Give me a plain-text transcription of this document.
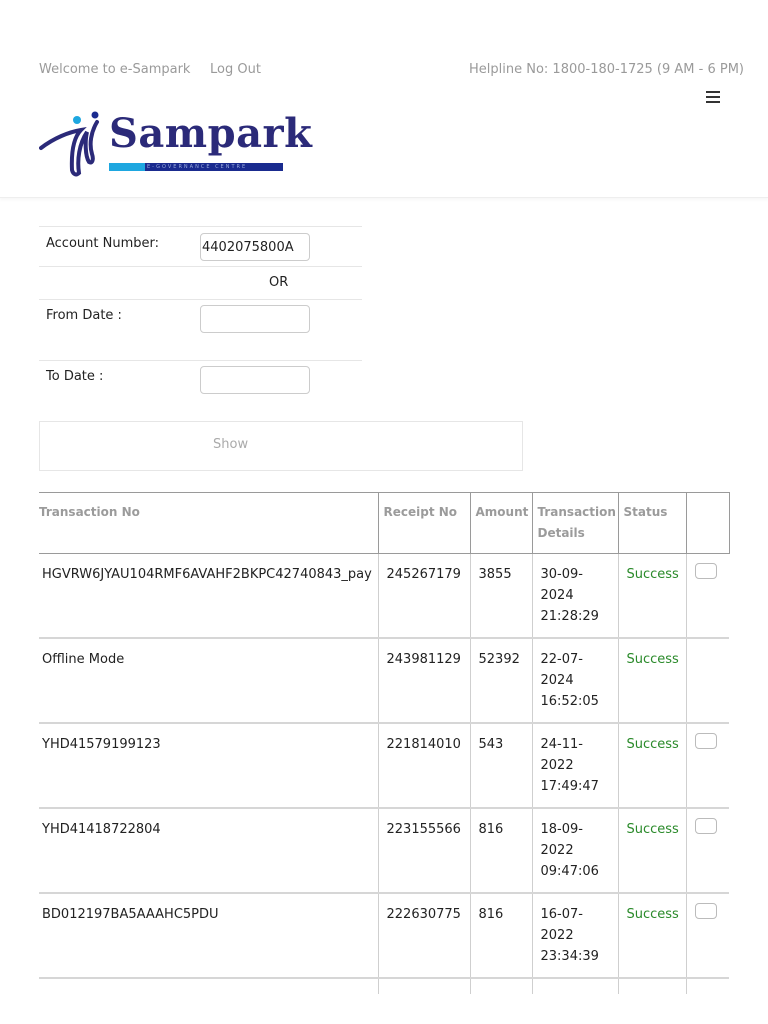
Welcome to e-Sampark Log Out	Helpline No: 1800-180-1725 (9 AM - 6 PM)
Sampark
E-GOVERNANCE CENTRE
Account Number:
4402075800A
OR
From Date :
To Date :
Show
Transaction No	Receipt No	Amount	Transaction Details	Status	
HGVRW6JYAU104RMF6AVAHF2BKPC42740843_pay	245267179	3855	30-09-2024 21:28:29	Success	
Offline Mode	243981129	52392	22-07-2024 16:52:05	Success	
YHD41579199123	221814010	543	24-11-2022 17:49:47	Success	
YHD41418722804	223155566	816	18-09-2022 09:47:06	Success	
BD012197BA5AAAHC5PDU	222630775	816	16-07-2022 23:34:39	Success	
